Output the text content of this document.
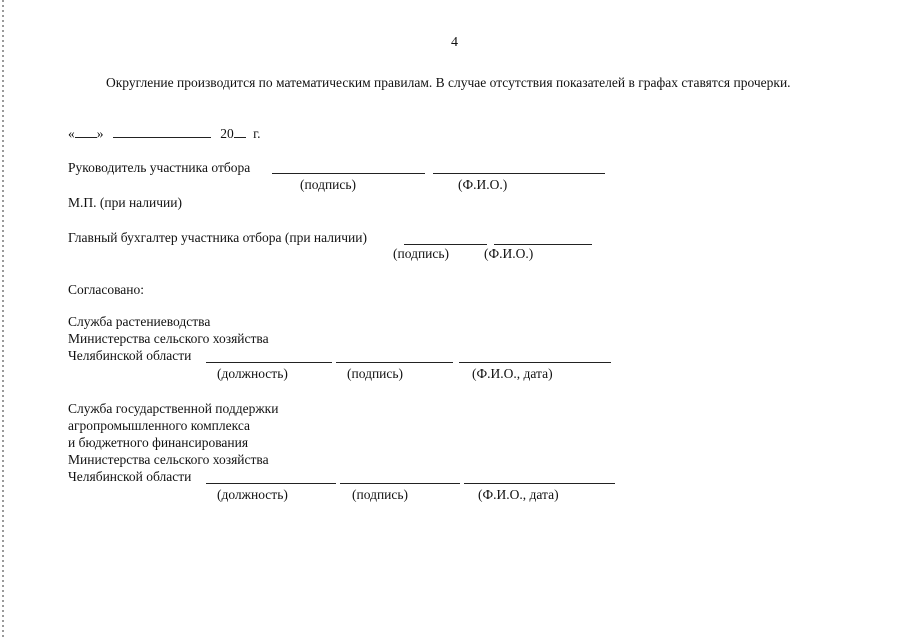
4
Округление производится по математическим правилам. В случае отсутствия показателей в графах ставятся прочерки.
« »	20 г.
Руководитель участника отбора
(подпись)	(Ф.И.О.)
М.П. (при наличии)
Главный бухгалтер участника отбора (при наличии)
(подпись)	(Ф.И.О.)
Согласовано:
Служба растениеводства
Министерства сельского хозяйства
Челябинской области
(должность)	(подпись)	(Ф.И.О., дата)
Служба государственной поддержки
агропромышленного комплекса
и бюджетного финансирования
Министерства сельского хозяйства
Челябинской области
(должность)	(подпись)	(Ф.И.О., дата)
